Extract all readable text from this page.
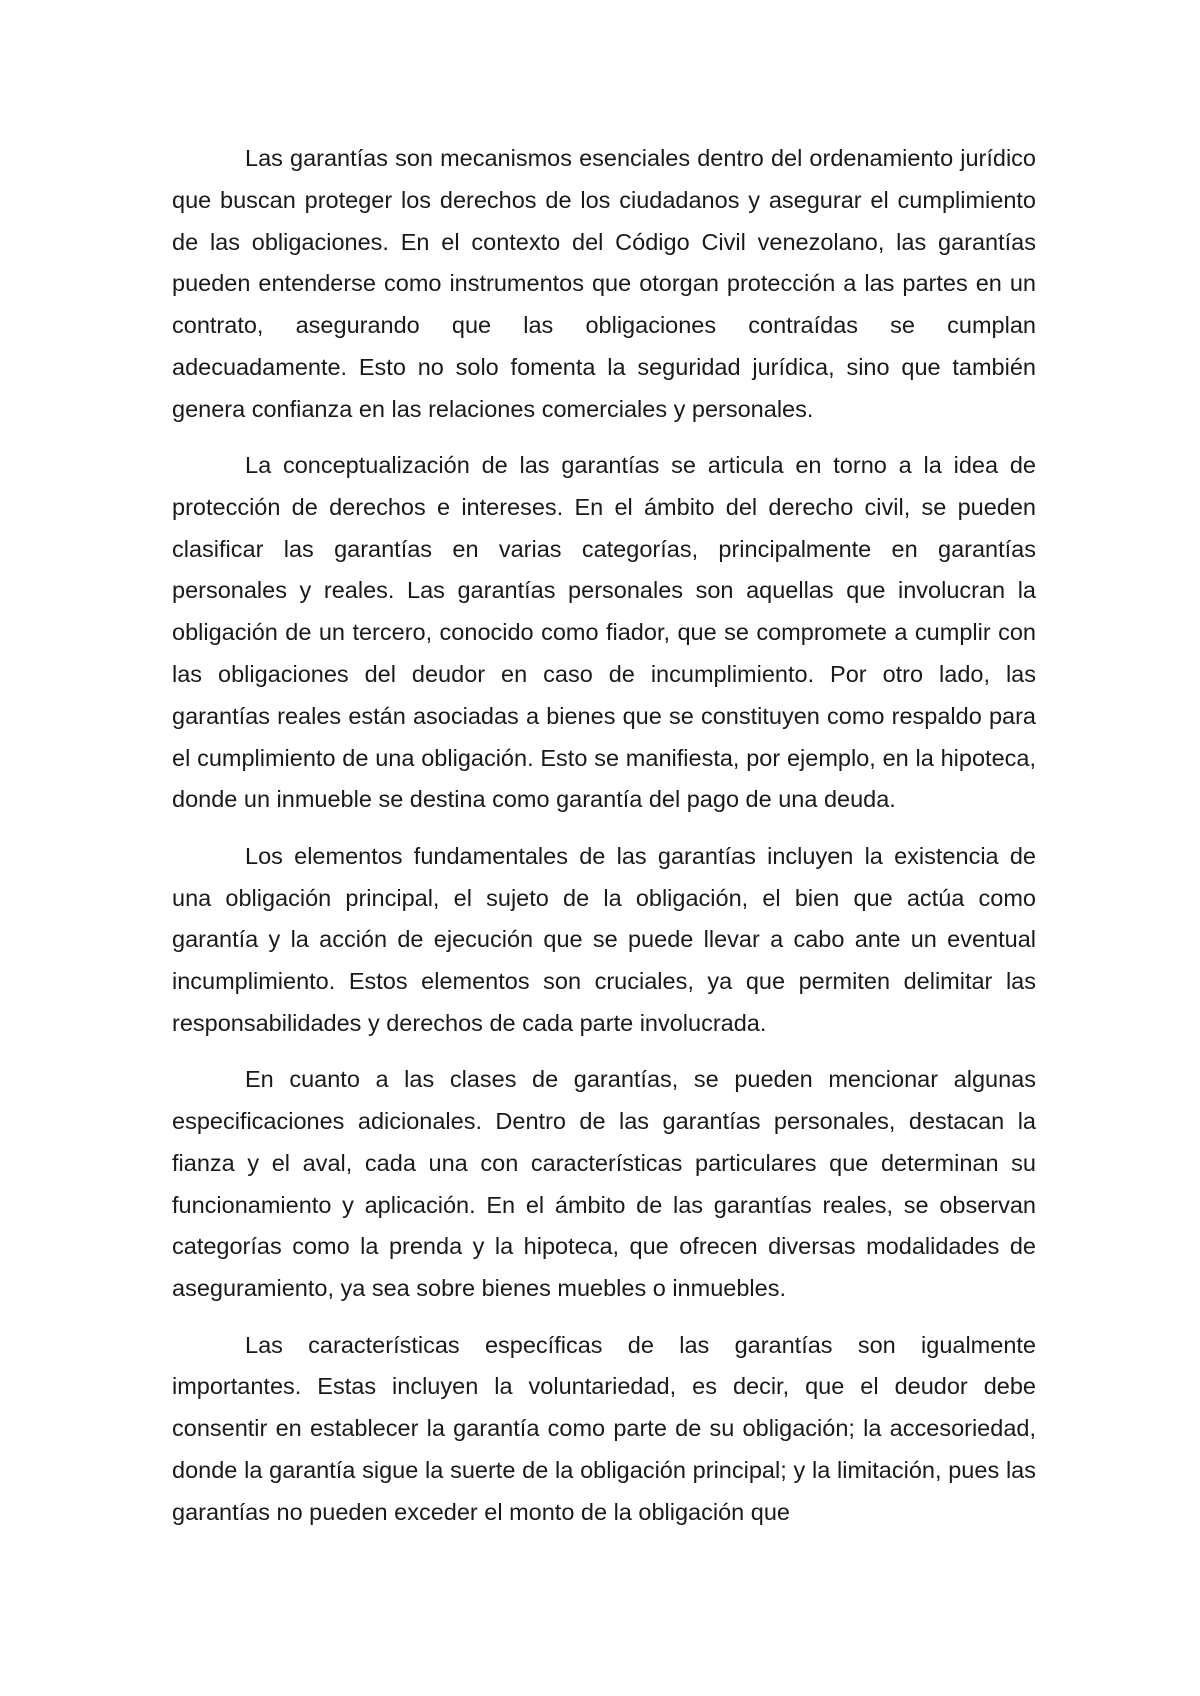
Las garantías son mecanismos esenciales dentro del ordenamiento jurídico que buscan proteger los derechos de los ciudadanos y asegurar el cumplimiento de las obligaciones. En el contexto del Código Civil venezolano, las garantías pueden entenderse como instrumentos que otorgan protección a las partes en un contrato, asegurando que las obligaciones contraídas se cumplan adecuadamente. Esto no solo fomenta la seguridad jurídica, sino que también genera confianza en las relaciones comerciales y personales.

La conceptualización de las garantías se articula en torno a la idea de protección de derechos e intereses. En el ámbito del derecho civil, se pueden clasificar las garantías en varias categorías, principalmente en garantías personales y reales. Las garantías personales son aquellas que involucran la obligación de un tercero, conocido como fiador, que se compromete a cumplir con las obligaciones del deudor en caso de incumplimiento. Por otro lado, las garantías reales están asociadas a bienes que se constituyen como respaldo para el cumplimiento de una obligación. Esto se manifiesta, por ejemplo, en la hipoteca, donde un inmueble se destina como garantía del pago de una deuda.

Los elementos fundamentales de las garantías incluyen la existencia de una obligación principal, el sujeto de la obligación, el bien que actúa como garantía y la acción de ejecución que se puede llevar a cabo ante un eventual incumplimiento. Estos elementos son cruciales, ya que permiten delimitar las responsabilidades y derechos de cada parte involucrada.

En cuanto a las clases de garantías, se pueden mencionar algunas especificaciones adicionales. Dentro de las garantías personales, destacan la fianza y el aval, cada una con características particulares que determinan su funcionamiento y aplicación. En el ámbito de las garantías reales, se observan categorías como la prenda y la hipoteca, que ofrecen diversas modalidades de aseguramiento, ya sea sobre bienes muebles o inmuebles.

Las características específicas de las garantías son igualmente importantes. Estas incluyen la voluntariedad, es decir, que el deudor debe consentir en establecer la garantía como parte de su obligación; la accesoriedad, donde la garantía sigue la suerte de la obligación principal; y la limitación, pues las garantías no pueden exceder el monto de la obligación que
